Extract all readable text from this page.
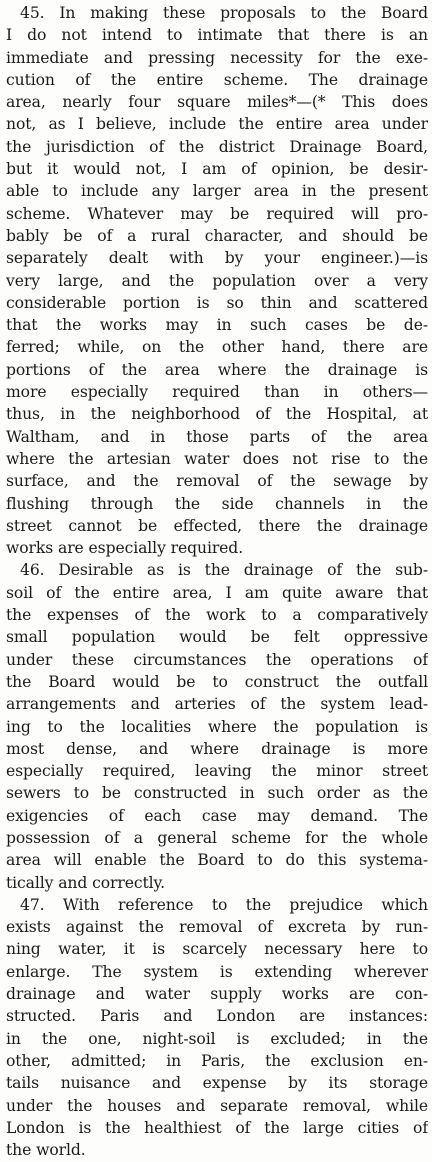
45. In making these proposals to the Board
I do not intend to intimate that there is an
immediate and pressing necessity for the exe-
cution of the entire scheme. The drainage
area, nearly four square miles*—(* This does
not, as I believe, include the entire area under
the jurisdiction of the district Drainage Board,
but it would not, I am of opinion, be desir-
able to include any larger area in the present
scheme. Whatever may be required will pro-
bably be of a rural character, and should be
separately dealt with by your engineer.)—is
very large, and the population over a very
considerable portion is so thin and scattered
that the works may in such cases be de-
ferred; while, on the other hand, there are
portions of the area where the drainage is
more especially required than in others—
thus, in the neighborhood of the Hospital, at
Waltham, and in those parts of the area
where the artesian water does not rise to the
surface, and the removal of the sewage by
flushing through the side channels in the
street cannot be effected, there the drainage
works are especially required.
46. Desirable as is the drainage of the sub-
soil of the entire area, I am quite aware that
the expenses of the work to a comparatively
small population would be felt oppressive
under these circumstances the operations of
the Board would be to construct the outfall
arrangements and arteries of the system lead-
ing to the localities where the population is
most dense, and where drainage is more
especially required, leaving the minor street
sewers to be constructed in such order as the
exigencies of each case may demand. The
possession of a general scheme for the whole
area will enable the Board to do this systema-
tically and correctly.
47. With reference to the prejudice which
exists against the removal of excreta by run-
ning water, it is scarcely necessary here to
enlarge. The system is extending wherever
drainage and water supply works are con-
structed. Paris and London are instances:
in the one, night-soil is excluded; in the
other, admitted; in Paris, the exclusion en-
tails nuisance and expense by its storage
under the houses and separate removal, while
London is the healthiest of the large cities of
the world.
